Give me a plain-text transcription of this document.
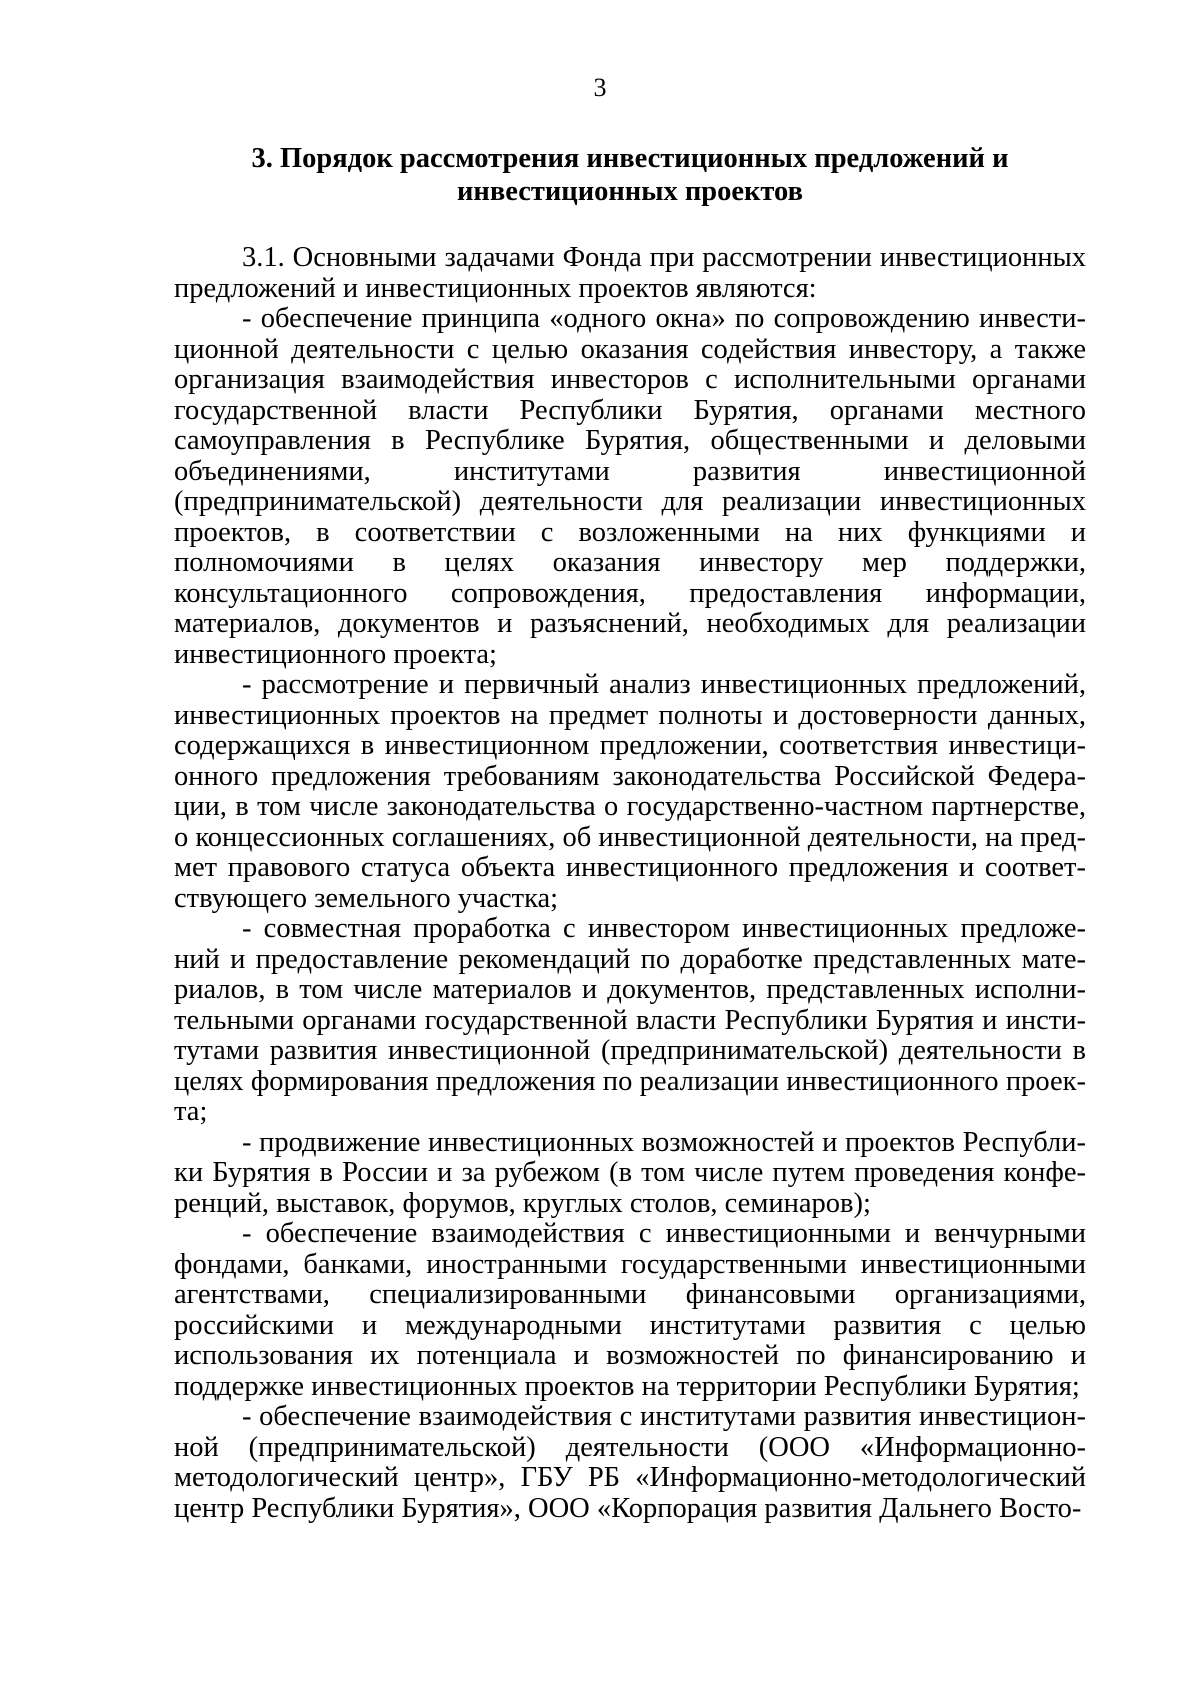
3
3. Порядок рассмотрения инвестиционных предложений и
инвестиционных проектов

3.1. Основными задачами Фонда при рассмотрении инвестиционных предложений и инвестиционных проектов являются:

- обеспечение принципа «одного окна» по сопровождению инвестиционной деятельности с целью оказания содействия инвестору, а также организация взаимодействия инвесторов с исполнительными органами государственной власти Республики Бурятия, органами местного самоуправления в Республике Бурятия, общественными и деловыми объединениями, институтами развития инвестиционной (предпринимательской) деятельности для реализации инвестиционных проектов, в соответствии с возложенными на них функциями и полномочиями в целях оказания инвестору мер поддержки, консультационного сопровождения, предоставления информации, материалов, документов и разъяснений, необходимых для реализации инвестиционного проекта;

- рассмотрение и первичный анализ инвестиционных предложений, инвестиционных проектов на предмет полноты и достоверности данных, содержащихся в инвестиционном предложении, соответствия инвестиционного предложения требованиям законодательства Российской Федерации, в том числе законодательства о государственно-частном партнерстве, о концессионных соглашениях, об инвестиционной деятельности, на предмет правового статуса объекта инвестиционного предложения и соответствующего земельного участка;

- совместная проработка с инвестором инвестиционных предложений и предоставление рекомендаций по доработке представленных материалов, в том числе материалов и документов, представленных исполнительными органами государственной власти Республики Бурятия и институтами развития инвестиционной (предпринимательской) деятельности в целях формирования предложения по реализации инвестиционного проекта;

- продвижение инвестиционных возможностей и проектов Республики Бурятия в России и за рубежом (в том числе путем проведения конференций, выставок, форумов, круглых столов, семинаров);

- обеспечение взаимодействия с инвестиционными и венчурными фондами, банками, иностранными государственными инвестиционными агентствами, специализированными финансовыми организациями, российскими и международными институтами развития с целью использования их потенциала и возможностей по финансированию и поддержке инвестиционных проектов на территории Республики Бурятия;

- обеспечение взаимодействия с институтами развития инвестиционной (предпринимательской) деятельности (ООО «Информационно-методологический центр», ГБУ РБ «Информационно-методологический центр Республики Бурятия», ООО «Корпорация развития Дальнего Восто-
